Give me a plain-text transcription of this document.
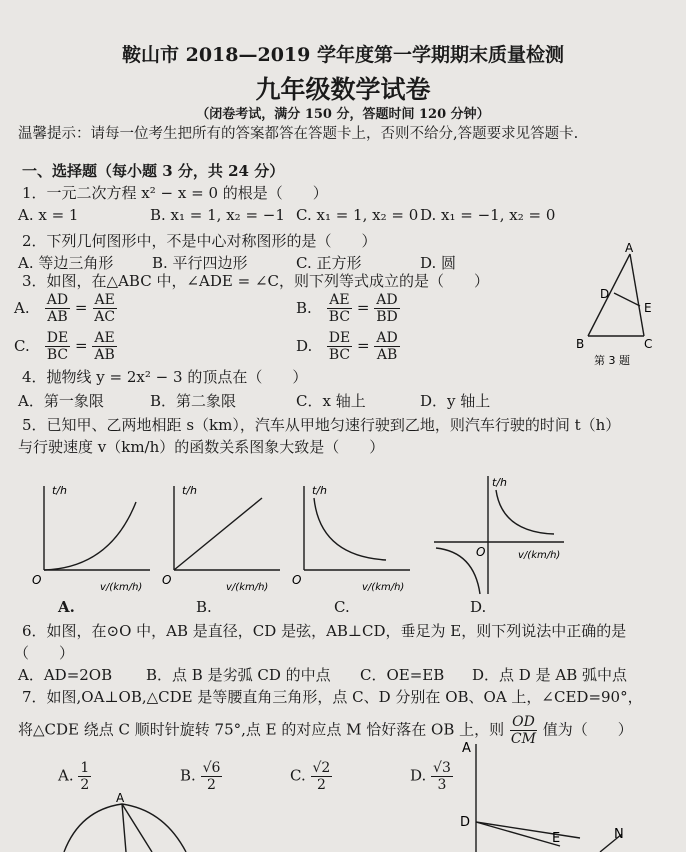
鞍山市 2018—2019 学年度第一学期期末质量检测
九年级数学试卷
（闭卷考试，满分 150 分，答题时间 120 分钟）
温馨提示：请每一位考生把所有的答案都答在答题卡上，否则不给分,答题要求见答题卡.
一、选择题（每小题 3 分，共 24 分）
1．一元二次方程 x² − x = 0 的根是（　　）
A. x = 1	B. x₁ = 1, x₂ = −1 C. x₁ = 1, x₂ = 0 D. x₁ = −1, x₂ = 0
2．下列几何图形中，不是中心对称图形的是（　　）
A. 等边三角形	B. 平行四边形	C. 正方形	D. 圆
3．如图，在△ABC 中，∠ADE = ∠C，则下列等式成立的是（　　）
A. $\frac{AD}{AB} = \frac{AE}{AC}$	B. $\frac{AE}{BC} = \frac{AD}{BD}$
C. $\frac{DE}{BC} = \frac{AE}{AB}$	D. $\frac{DE}{BC} = \frac{AD}{AB}$
A
D
E
B	C
第 3 题
4．抛物线 y = 2x² − 3 的顶点在（　　）
A．第一象限	B．第二象限	C．x 轴上	D．y 轴上
5．已知甲、乙两地相距 s（km），汽车从甲地匀速行驶到乙地，则汽车行驶的时间 t（h）
与行驶速度 v（km/h）的函数关系图象大致是（　　）
t/h
O
v/(km/h)
A.
t/h
O
v/(km/h)
B.
t/h
O
v/(km/h)
C.
t/h
O	v/(km/h)
D.
6．如图，在⊙O 中，AB 是直径，CD 是弦，AB⊥CD，垂足为 E，则下列说法中正确的是
（　　）
A．AD=2OB B．点 B 是劣弧 CD 的中点 C．OE=EB D．点 D 是 AB 弧中点
7．如图,OA⊥OB,△CDE 是等腰直角三角形，点 C、D 分别在 OB、OA 上，∠CED=90°，
将△CDE 绕点 C 顺时针旋转 75°,点 E 的对应点 M 恰好落在 OB 上，则 $\frac{OD}{CM}$ 值为（　　）
A. $\frac{1}{2}$	B. $\frac{√6}{2}$	C. $\frac{√2}{2}$	D. $\frac{√3}{3}$
A
D
E	N
A
